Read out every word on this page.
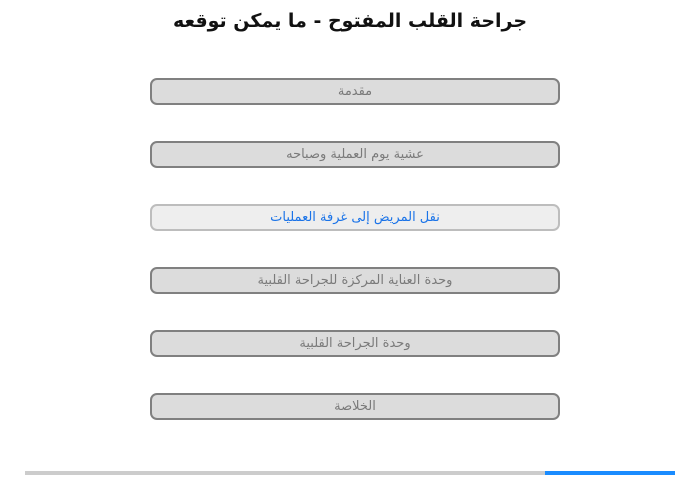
جراحة القلب المفتوح - ما يمكن توقعه
مقدمة
عشية يوم العملية وصباحه
نقل المريض إلى غرفة العمليات
وحدة العناية المركزة للجراحة القلبية
وحدة الجراحة القلبية
الخلاصة
